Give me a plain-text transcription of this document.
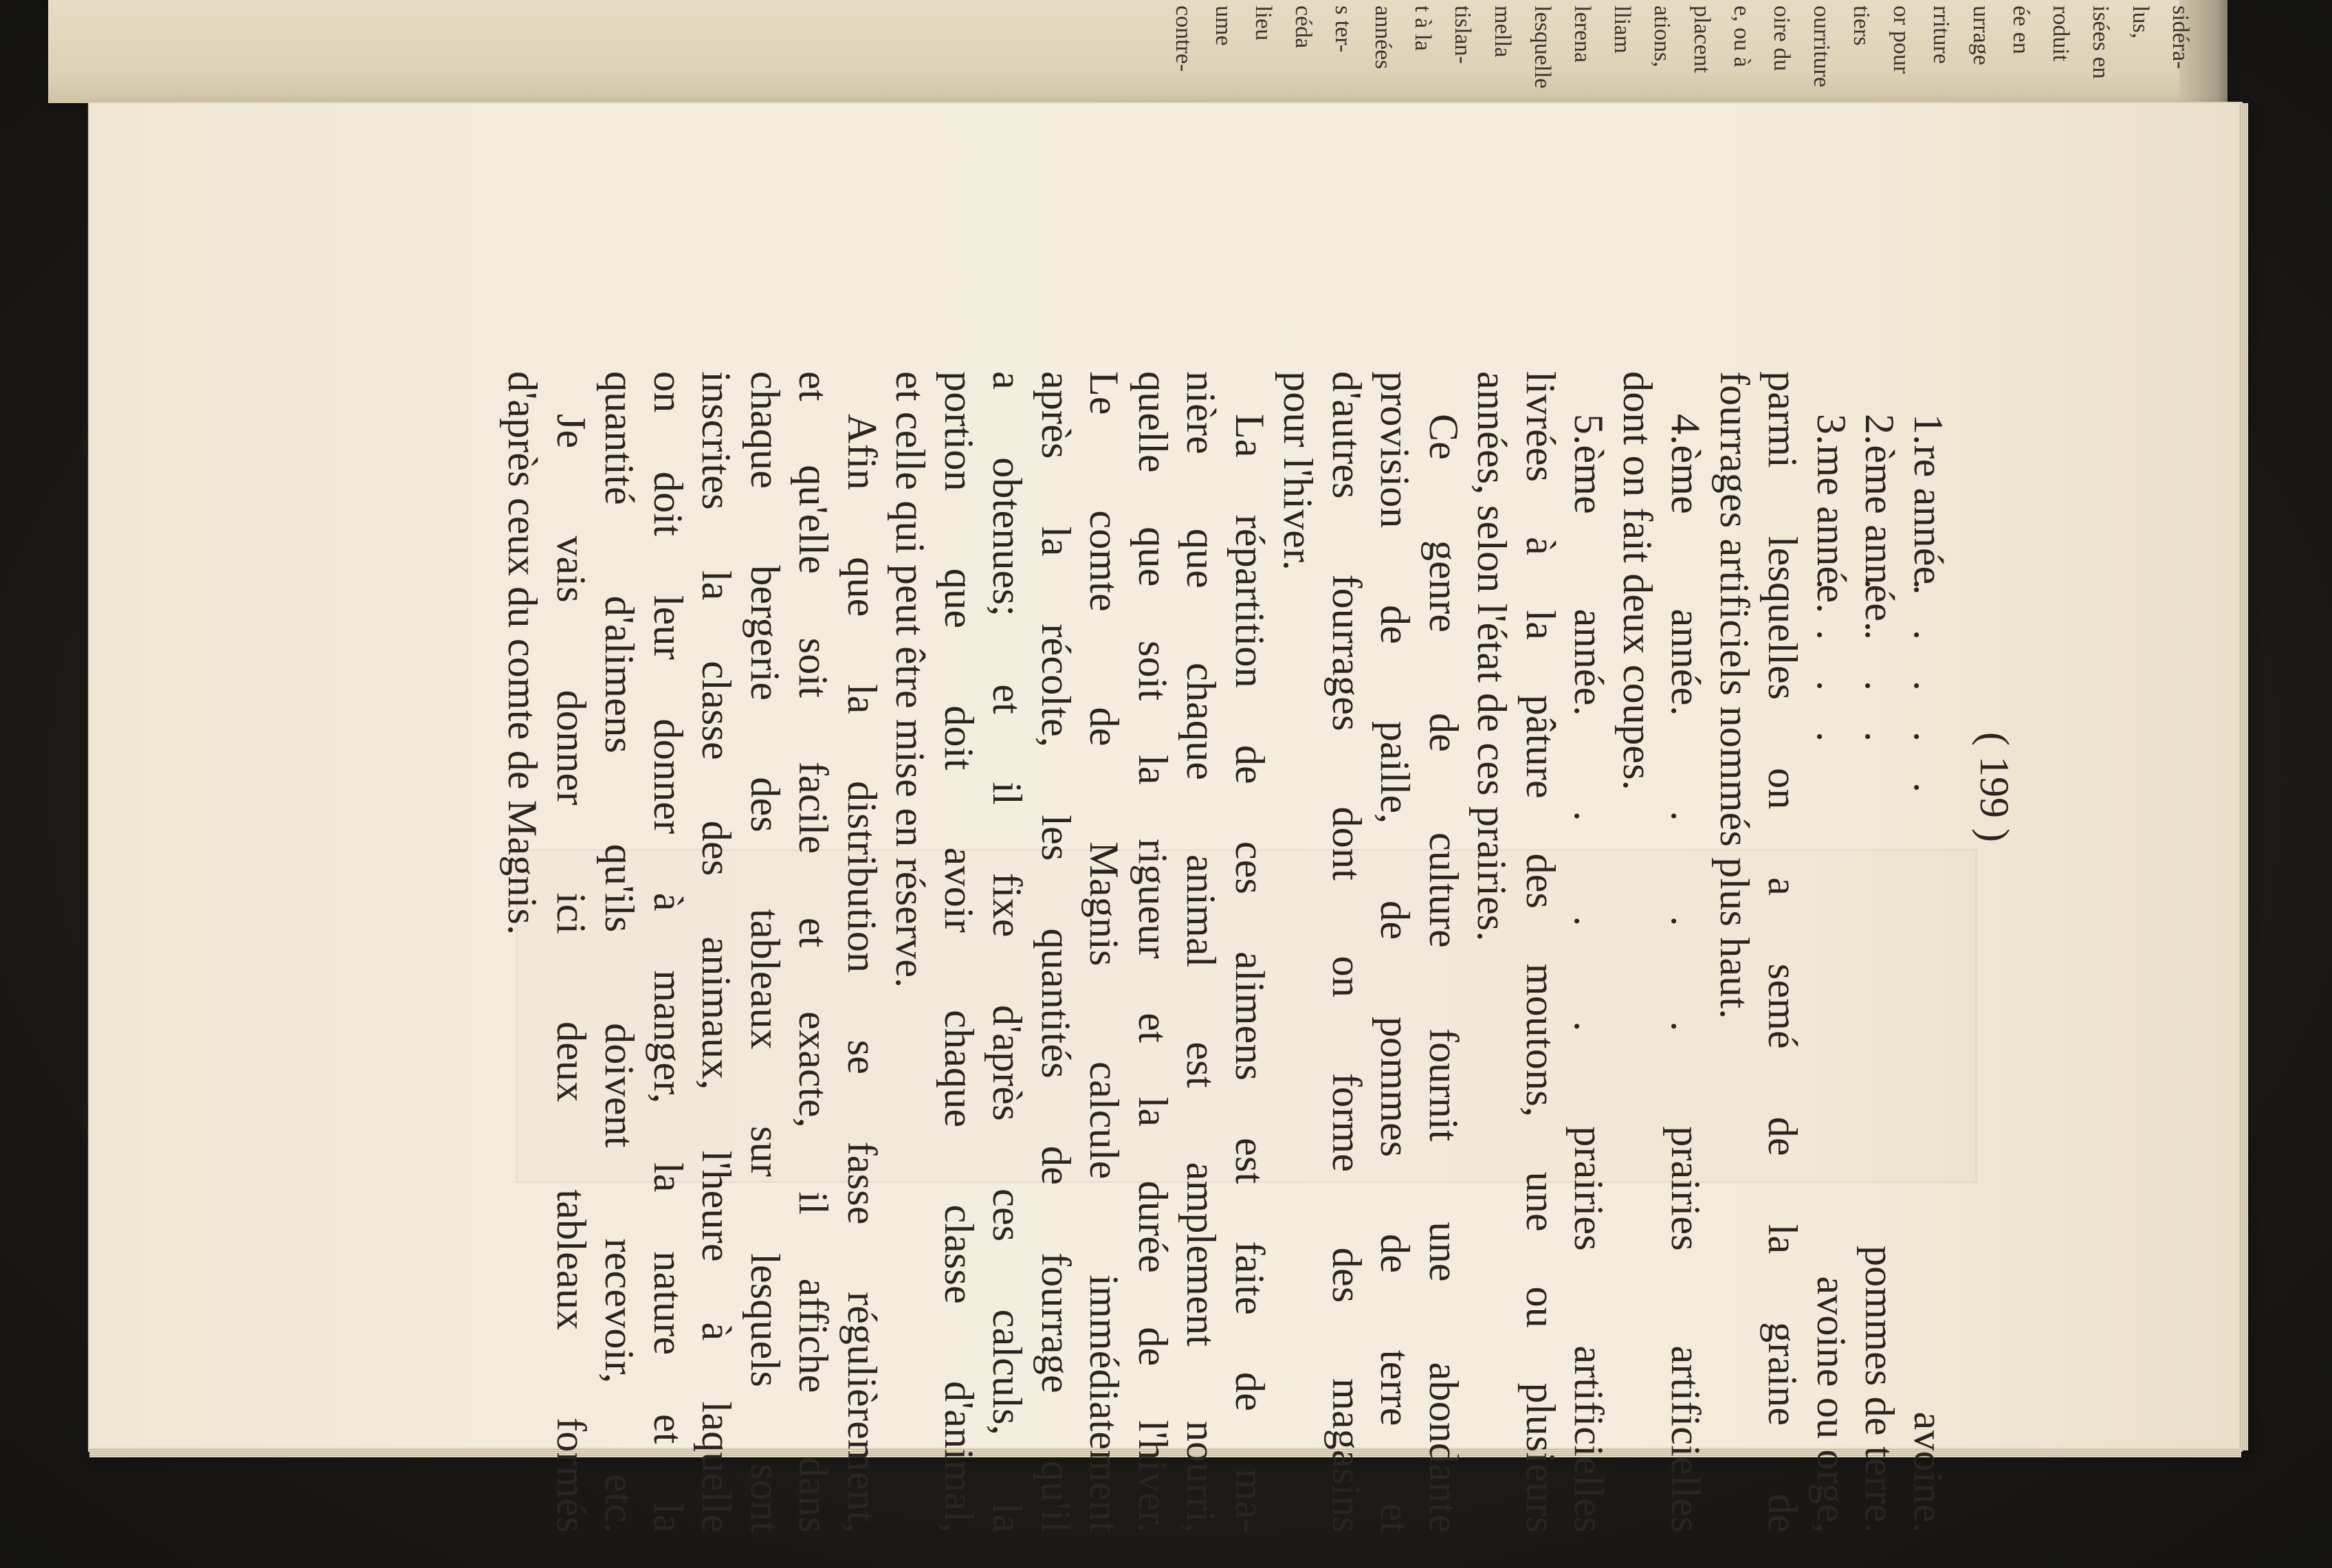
sidéra-
lus,
isées en
roduit
ée en
urrage
rriture
or pour
tiers
ourriture
oire du
e, ou à
placent
ations,
lliam
lerena
lesquelle
mella
tislan-
t à la
années
s ter-
céda
lieu
ume
contre-
( 199 )
1.re année.
. . . . .
avoine.
2.ème année.
. . . .
pommes de terre.
3.me année.
. . . .
avoine ou orge,
parmi lesquelles on a semé de la graine de
fourrages artificiels nommés plus haut.
4.ème année. . . . prairies artificielles
dont on fait deux coupes.
5.ème année. . . . prairies artificielles
livrées à la pâture des moutons, une ou plusieurs
années, selon l'état de ces prairies.
Ce genre de culture fournit une abondante
provision de paille, de pommes de terre et
d'autres fourrages dont on forme des magasins
pour l'hiver.
La répartition de ces alimens est faite de ma-
nière que chaque animal est amplement nourri,
quelle que soit la rigueur et la durée de l'hiver.
Le comte de Magnis calcule immédiatement
après la récolte, les quantités de fourrage qu'il
a obtenues; et il fixe d'après ces calculs, la
portion que doit avoir chaque classe d'animal,
et celle qui peut être mise en réserve.
Afin que la distribution se fasse régulièrement,
et qu'elle soit facile et exacte, il affiche dans
chaque bergerie des tableaux sur lesquels sont
inscrites la classe des animaux, l'heure à laquelle
on doit leur donner à manger, la nature et la
quantité d'alimens qu'ils doivent recevoir, etc.
Je vais donner ici deux tableaux formés
d'après ceux du comte de Magnis.
